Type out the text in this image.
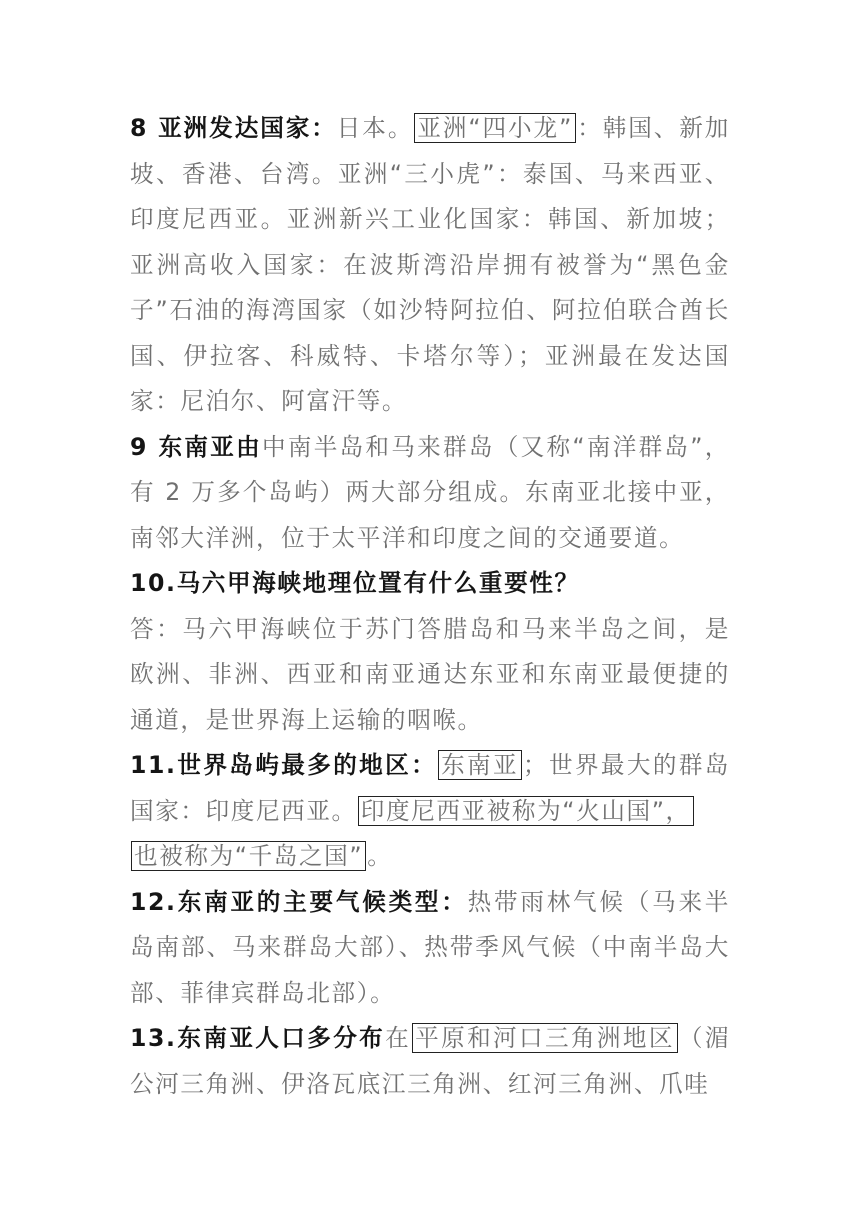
8 亚洲发达国家：日本。 亚洲“四小龙” ：韩国、新加坡、香港、台湾。亚洲“三小虎”：泰国、马来西亚、印度尼西亚。亚洲新兴工业化国家：韩国、新加坡；亚洲高收入国家：在波斯湾沿岸拥有被誉为“黑色金子”石油的海湾国家（如沙特阿拉伯、阿拉伯联合酋长国、伊拉客、科威特、卡塔尔等）；亚洲最在发达国家：尼泊尔、阿富汗等。

9 东南亚由中南半岛和马来群岛（又称“南洋群岛”，有 2 万多个岛屿）两大部分组成。东南亚北接中亚，南邻大洋洲，位于太平洋和印度之间的交通要道。

10.马六甲海峡地理位置有什么重要性？

答：马六甲海峡位于苏门答腊岛和马来半岛之间，是欧洲、非洲、西亚和南亚通达东亚和东南亚最便捷的通道，是世界海上运输的咽喉。

11.世界岛屿最多的地区： 东南亚 ；世界最大的群岛国家：印度尼西亚。 印度尼西亚被称为“火山国”，
也被称为“千岛之国” 。

12.东南亚的主要气候类型：热带雨林气候（马来半岛南部、马来群岛大部）、热带季风气候（中南半岛大部、菲律宾群岛北部）。

13.东南亚人口多分布在 平原和河口三角洲地区 （湄公河三角洲、伊洛瓦底江三角洲、红河三角洲、爪哇
